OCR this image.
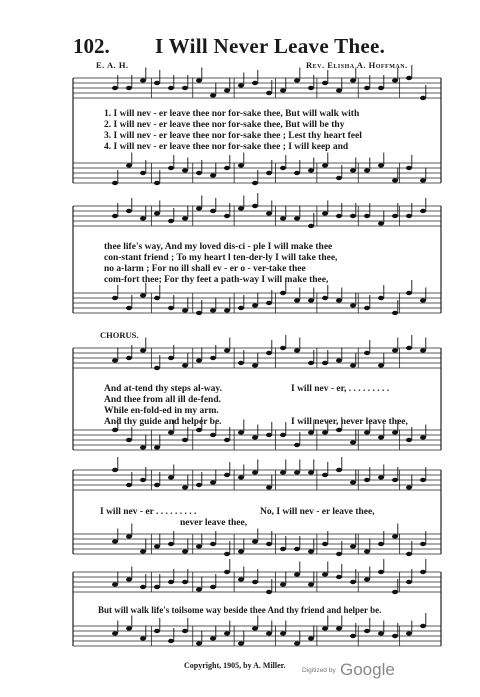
102. I Will Never Leave Thee.
E. A. H.	Rev. Elisha A. Hoffman.
1. I will nev - er leave thee nor for-sake thee, But will walk with
2. I will nev - er leave thee nor for-sake thee, But will be thy
3. I will nev - er leave thee nor for-sake thee ; Lest thy heart feel
4. I will nev - er leave thee nor for-sake thee ; I will keep and
thee life's way, And my loved dis-ci - ple I will make thee
con-stant friend ; To my heart l ten-der-ly I will take thee,
no a-larm ; For no ill shall ev - er o - ver-take thee
com-fort thee; For thy feet a path-way I will make thee,
CHORUS.
And at-tend thy steps al-way.
And thee from all ill de-fend.
While en-fold-ed in my arm.
And thy guide and helper be.
I will nev - er, . . . . . . . . .
I will never, never leave thee,
I will nev - er . . . . . . . . .	No, I will nev - er leave thee,
never leave thee,
But will walk life's toilsome way beside thee And thy friend and helper be.
Copyright, 1905, by A. Miller.
Digitized by Google
